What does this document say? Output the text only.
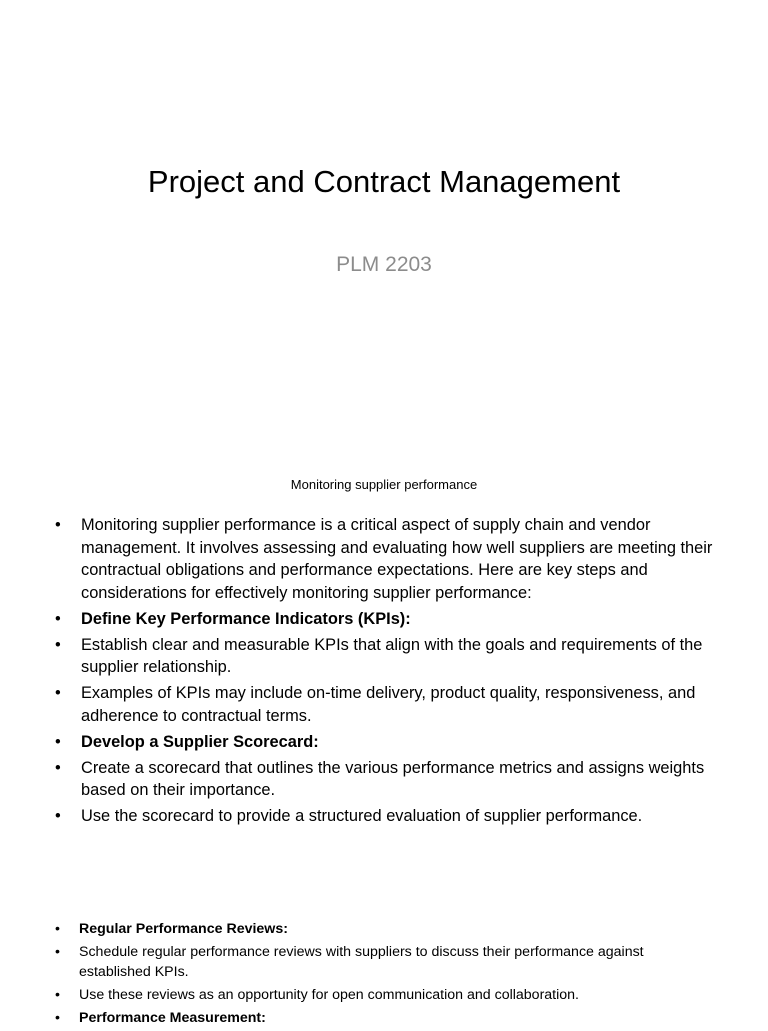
Project and Contract Management
PLM 2203
Monitoring supplier performance
• Monitoring supplier performance is a critical aspect of supply chain and vendor management. It involves assessing and evaluating how well suppliers are meeting their contractual obligations and performance expectations. Here are key steps and considerations for effectively monitoring supplier performance:
• Define Key Performance Indicators (KPIs):
• Establish clear and measurable KPIs that align with the goals and requirements of the supplier relationship.
• Examples of KPIs may include on-time delivery, product quality, responsiveness, and adherence to contractual terms.
• Develop a Supplier Scorecard:
• Create a scorecard that outlines the various performance metrics and assigns weights based on their importance.
• Use the scorecard to provide a structured evaluation of supplier performance.
• Regular Performance Reviews:
• Schedule regular performance reviews with suppliers to discuss their performance against established KPIs.
• Use these reviews as an opportunity for open communication and collaboration.
• Performance Measurement:
